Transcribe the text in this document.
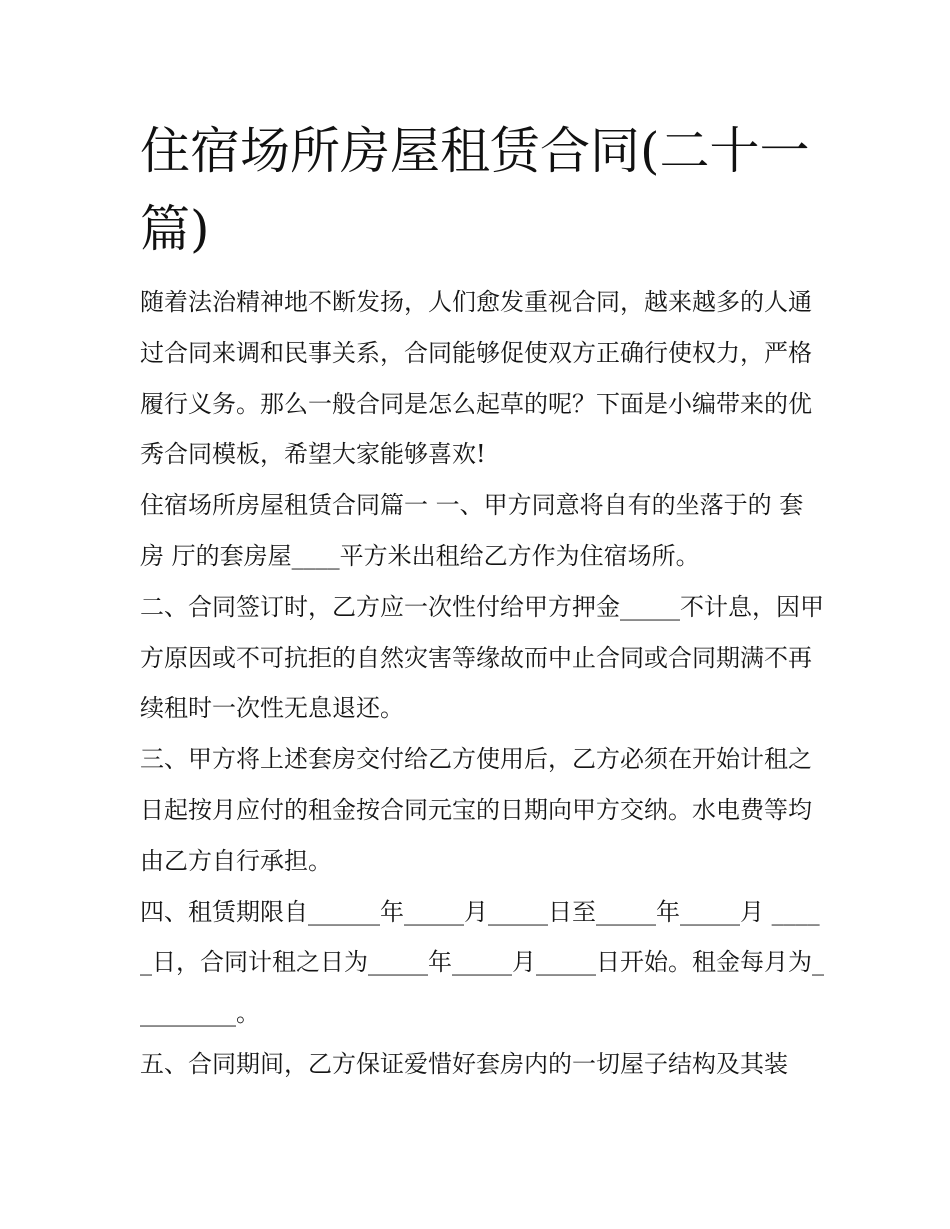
住宿场所房屋租赁合同(二十一篇)

随着法治精神地不断发扬，人们愈发重视合同，越来越多的人通过合同来调和民事关系，合同能够促使双方正确行使权力，严格履行义务。那么一般合同是怎么起草的呢？下面是小编带来的优秀合同模板，希望大家能够喜欢!

住宿场所房屋租赁合同篇一 一、甲方同意将自有的坐落于的 套 房 厅的套房屋____平方米出租给乙方作为住宿场所。

二、合同签订时，乙方应一次性付给甲方押金_____不计息，因甲方原因或不可抗拒的自然灾害等缘故而中止合同或合同期满不再续租时一次性无息退还。

三、甲方将上述套房交付给乙方使用后，乙方必须在开始计租之日起按月应付的租金按合同元宝的日期向甲方交纳。水电费等均由乙方自行承担。

四、租赁期限自______年_____月_____日至_____年_____月 _____日，合同计租之日为_____年_____月_____日开始。租金每月为_________。

五、合同期间，乙方保证爱惜好套房内的一切屋子结构及其装
